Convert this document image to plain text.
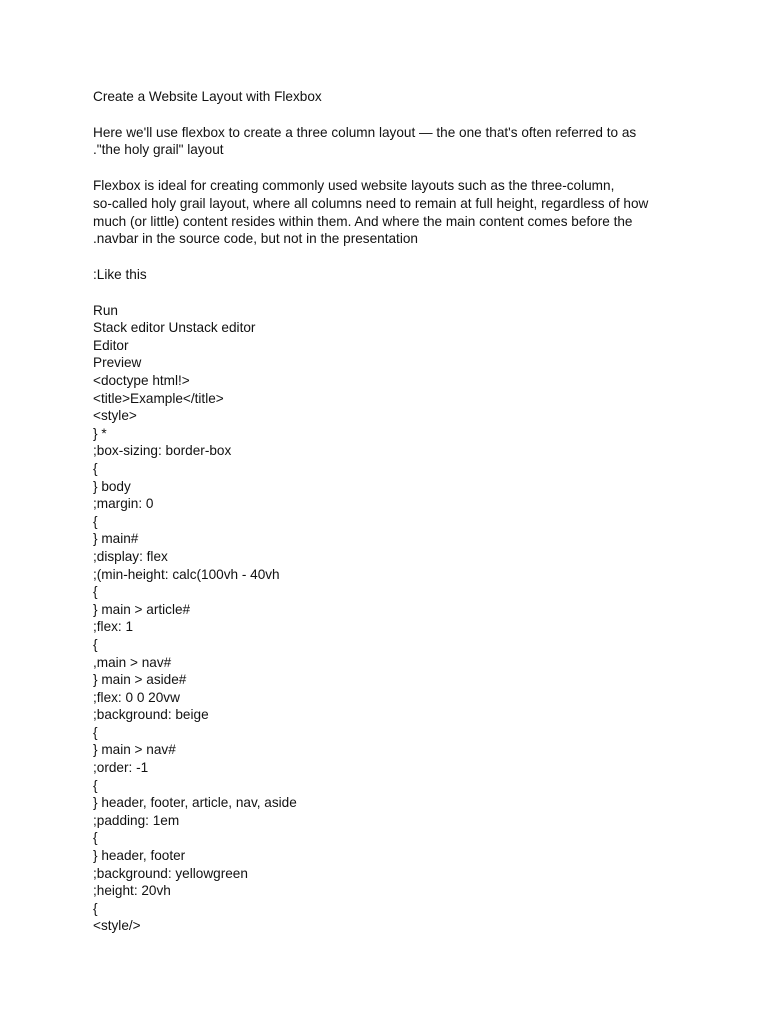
Create a Website Layout with Flexbox

Here we'll use flexbox to create a three column layout — the one that's often referred to as
."the holy grail" layout
Flexbox is ideal for creating commonly used website layouts such as the three-column,
so-called holy grail layout, where all columns need to remain at full height, regardless of how
much (or little) content resides within them. And where the main content comes before the
.navbar in the source code, but not in the presentation

:Like this

Run
Stack editor Unstack editor
Editor
Preview
<doctype html!>
<title>Example</title>
<style>
} *
;box-sizing: border-box
{
} body
;margin: 0
{
} main#
;display: flex
;(min-height: calc(100vh - 40vh
{
} main > article#
;flex: 1
{
,main > nav#
} main > aside#
;flex: 0 0 20vw
;background: beige
{
} main > nav#
;order: -1
{
} header, footer, article, nav, aside
;padding: 1em
{
} header, footer
;background: yellowgreen
;height: 20vh
{
<style/>
